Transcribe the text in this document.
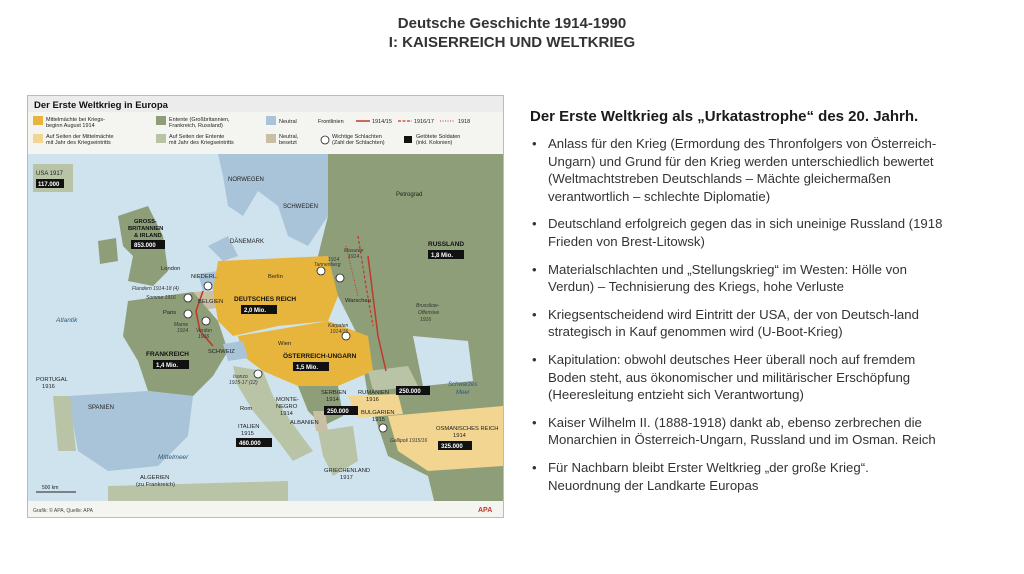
Deutsche Geschichte 1914-1990
I: KAISERREICH UND WELTKRIEG
Der Erste Weltkrieg in Europa
Mittelmächte bei Kriegs-
beginn August 1914
Auf Seiten der Mittelmächte
mit Jahr des Kriegseintritts
Entente (Großbritannien,
Frankreich, Russland)
Auf Seiten der Entente
mit Jahr des Kriegseintritts
Neutral
Neutral,
besetzt
Frontlinien	1914/15	1916/17	1918
Wichtige Schlachten
(Zahl der Schlachten)
Getötete Soldaten
(inkl. Kolonien)
USA 1917
117.000
NORWEGEN
SCHWEDEN
Petrograd
GROSS-
BRITANNIEN
& IRLAND
853.000
DÄNEMARK	RUSSLAND
1,8 Mio.
London
NIEDERL.	Berlin
Tannenberg
1914
Masuren
1914
Flandern 1914-18 (4)
Somme 1916
BELGIEN	Warschau
DEUTSCHES REICH
2,0 Mio.
Brussilow-
Offensive
1916
Atlantik
Paris
Marne
1914 Verdun
1916
Karpaten
1914/15
FRANKREICH
1,4 Mio.
SCHWEIZ
Wien
ÖSTERREICH-UNGARN
1,5 Mio.
PORTUGAL
1916
Isonzo
1915-17 (12)
SERBIEN
1914
RUMÄNIEN
1916
250.000
Schwarzes
Meer
SPANIEN	Rom
MONTE-
NEGRO
1914	250.000 BULGARIEN
1915
ITALIEN
1915
460.000
ALBANIEN
OSMANISCHES REICH
1914
325.000
Gallipoli 1915/16
Mittelmeer
ALGERIEN
(zu Frankreich)
GRIECHENLAND
1917
500 km
Grafik: © APA, Quelle: APA	APA
Der Erste Weltkrieg als „Urkatastrophe“ des 20. Jahrh.
• Anlass für den Krieg (Ermordung des Thronfolgers von Österreich-
Ungarn) und Grund für den Krieg werden unterschiedlich bewertet
(Weltmachtstreben Deutschlands – Mächte gleichermaßen
verantwortlich – schlechte Diplomatie)
• Deutschland erfolgreich gegen das in sich uneinige Russland (1918
Frieden von Brest-Litowsk)
• Materialschlachten und „Stellungskrieg“ im Westen: Hölle von
Verdun) – Technisierung des Kriegs, hohe Verluste
• Kriegsentscheidend wird Eintritt der USA, der von Deutsch-land
strategisch in Kauf genommen wird (U-Boot-Krieg)
• Kapitulation: obwohl deutsches Heer überall noch auf fremdem
Boden steht, aus ökonomischer und militärischer Erschöpfung
(Heeresleitung entzieht sich Verantwortung)
• Kaiser Wilhelm II. (1888-1918) dankt ab, ebenso zerbrechen die
Monarchien in Österreich-Ungarn, Russland und im Osman. Reich
• Für Nachbarn bleibt Erster Weltkrieg „der große Krieg“.
Neuordnung der Landkarte Europas
